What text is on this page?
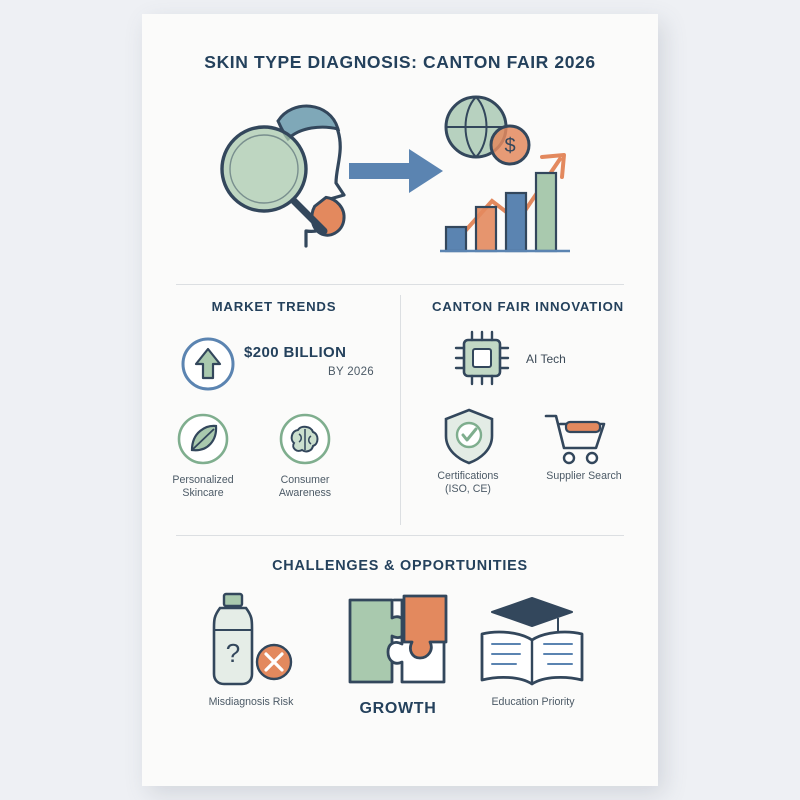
SKIN TYPE DIAGNOSIS: CANTON FAIR 2026
$
MARKET TRENDS
$200 BILLION
BY 2026
Personalized
Skincare
Consumer
Awareness
CANTON FAIR INNOVATION
AI Tech
Certifications
(ISO, CE)
Supplier Search
CHALLENGES & OPPORTUNITIES
?
Misdiagnosis Risk	GROWTH	Education Priority
